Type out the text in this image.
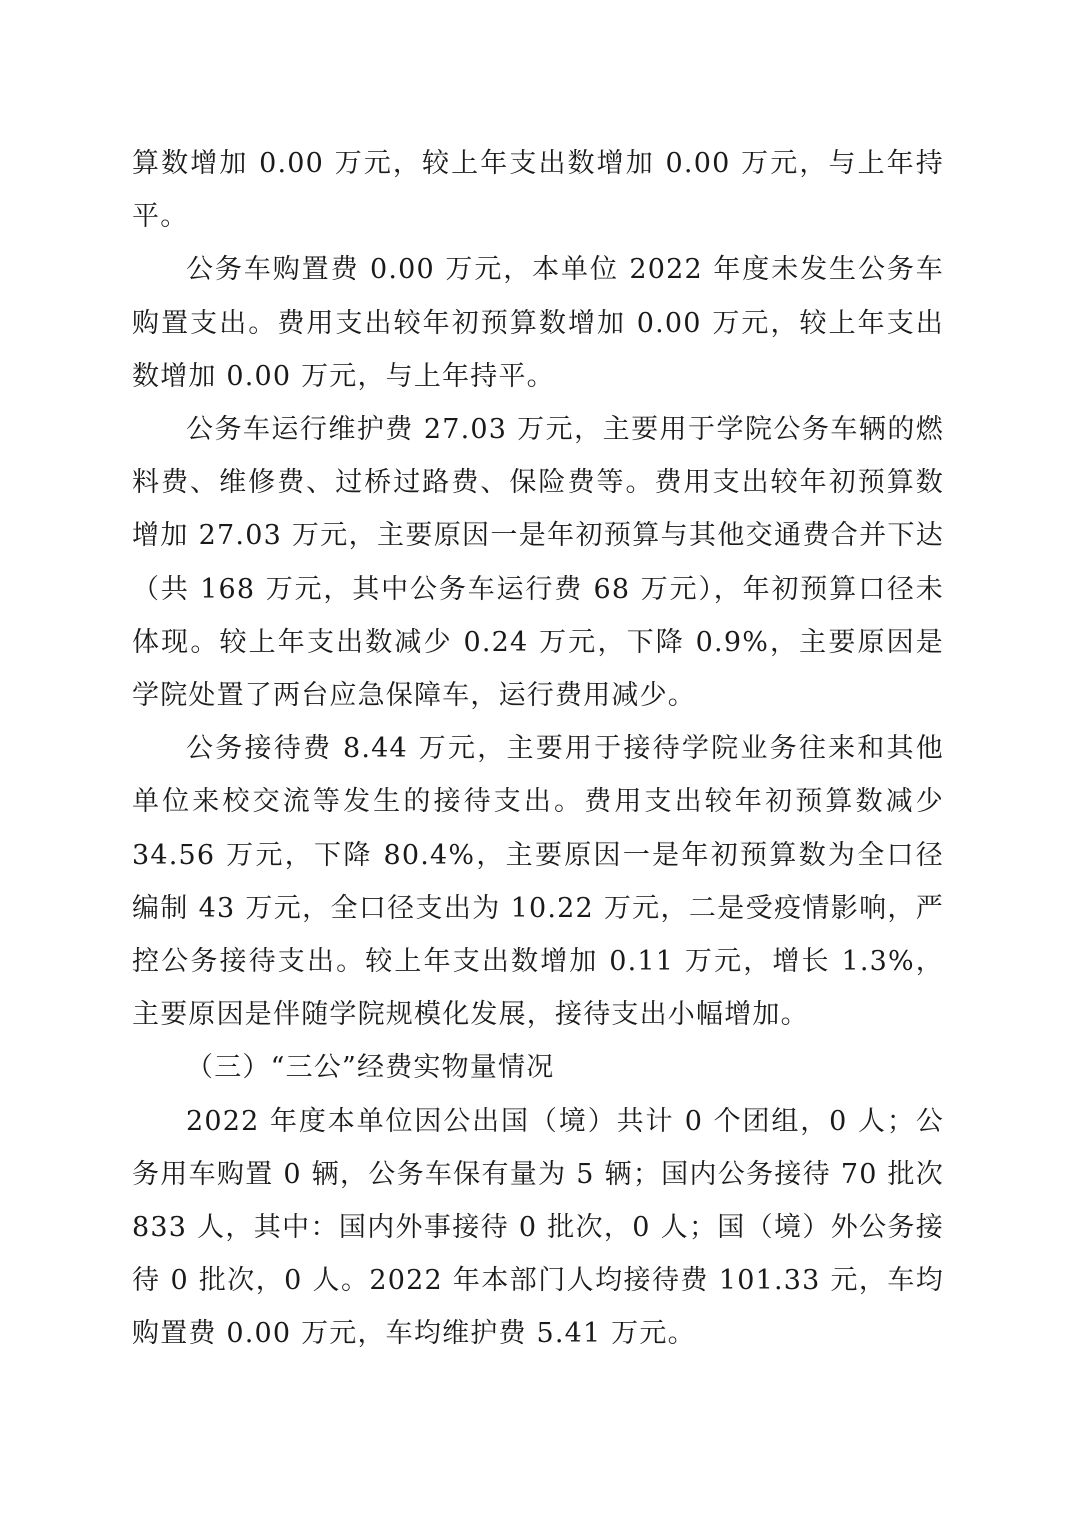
算数增加 0.00 万元，较上年支出数增加 0.00 万元，与上年持平。

公务车购置费 0.00 万元，本单位 2022 年度未发生公务车购置支出。费用支出较年初预算数增加 0.00 万元，较上年支出数增加 0.00 万元，与上年持平。

公务车运行维护费 27.03 万元，主要用于学院公务车辆的燃料费、维修费、过桥过路费、保险费等。费用支出较年初预算数增加 27.03 万元，主要原因一是年初预算与其他交通费合并下达（共 168 万元，其中公务车运行费 68 万元），年初预算口径未体现。较上年支出数减少 0.24 万元，下降 0.9%，主要原因是学院处置了两台应急保障车，运行费用减少。

公务接待费 8.44 万元，主要用于接待学院业务往来和其他单位来校交流等发生的接待支出。费用支出较年初预算数减少 34.56 万元，下降 80.4%，主要原因一是年初预算数为全口径编制 43 万元，全口径支出为 10.22 万元，二是受疫情影响，严控公务接待支出。较上年支出数增加 0.11 万元，增长 1.3%，主要原因是伴随学院规模化发展，接待支出小幅增加。

（三）“三公”经费实物量情况

2022 年度本单位因公出国（境）共计 0 个团组，0 人；公务用车购置 0 辆，公务车保有量为 5 辆；国内公务接待 70 批次 833 人，其中：国内外事接待 0 批次，0 人；国（境）外公务接待 0 批次，0 人。2022 年本部门人均接待费 101.33 元，车均购置费 0.00 万元，车均维护费 5.41 万元。
